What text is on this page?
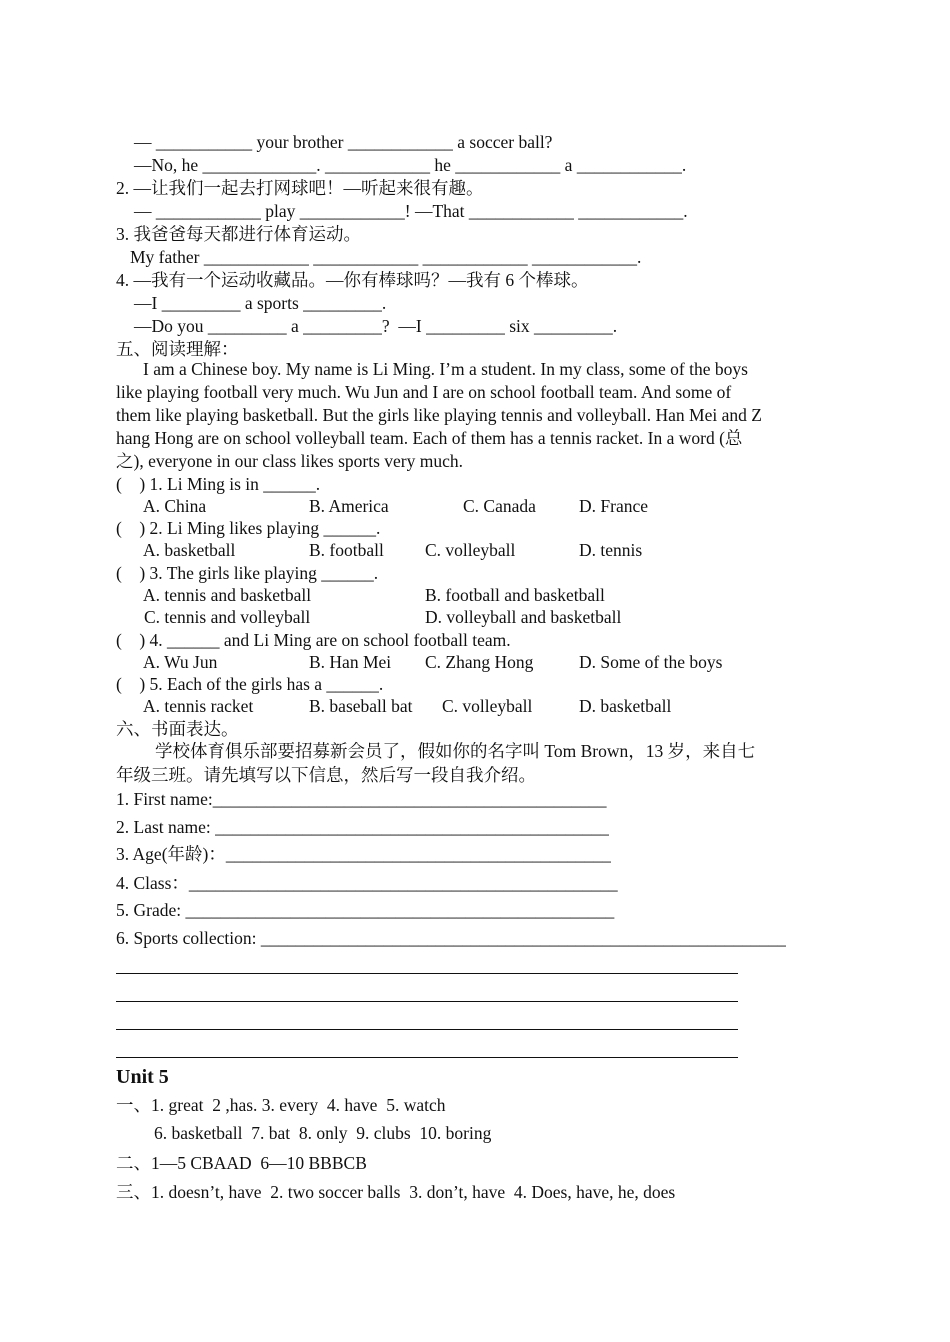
— ___________ your brother ____________ a soccer ball?
—No, he _____________. ____________ he ____________ a ____________.
2. —让我们一起去打网球吧！—听起来很有趣。
— ____________ play ____________! —That ____________ ____________.
3. 我爸爸每天都进行体育运动。
My father ____________ ____________ ____________ ____________.
4. —我有一个运动收藏品。—你有棒球吗？—我有 6 个棒球。
—I _________ a sports _________.
—Do you _________ a _________?  —I _________ six _________.
五、阅读理解：
I am a Chinese boy. My name is Li Ming. I’m a student. In my class, some of the boys
like playing football very much. Wu Jun and I are on school football team. And some of
them like playing basketball. But the girls like playing tennis and volleyball. Han Mei and Z
hang Hong are on school volleyball team. Each of them has a tennis racket. In a word (总
之), everyone in our class likes sports very much.
(    ) 1. Li Ming is in ______.
A. China	B. America	C. Canada D. France
(    ) 2. Li Ming likes playing ______.
A. basketball	B. football C. volleyball	D. tennis
(    ) 3. The girls like playing ______.
A. tennis and basketball	B. football and basketball
C. tennis and volleyball	D. volleyball and basketball
(    ) 4. ______ and Li Ming are on school football team.
A. Wu Jun	B. Han Mei C. Zhang Hong	D. Some of the boys
(    ) 5. Each of the girls has a ______.
A. tennis racket	B. baseball bat C. volleyball	D. basketball
六、书面表达。
学校体育俱乐部要招募新会员了，假如你的名字叫 Tom Brown，13 岁，来自七
年级三班。请先填写以下信息，然后写一段自我介绍。
1. First name:_____________________________________________
2. Last name: _____________________________________________
3. Age(年龄)：____________________________________________
4. Class：_________________________________________________
5. Grade: _________________________________________________
6. Sports collection: ____________________________________________________________
Unit 5
一、1. great  2 ,has. 3. every  4. have  5. watch
6. basketball  7. bat  8. only  9. clubs  10. boring
二、1—5 CBAAD  6—10 BBBCB
三、1. doesn’t, have  2. two soccer balls  3. don’t, have  4. Does, have, he, does
